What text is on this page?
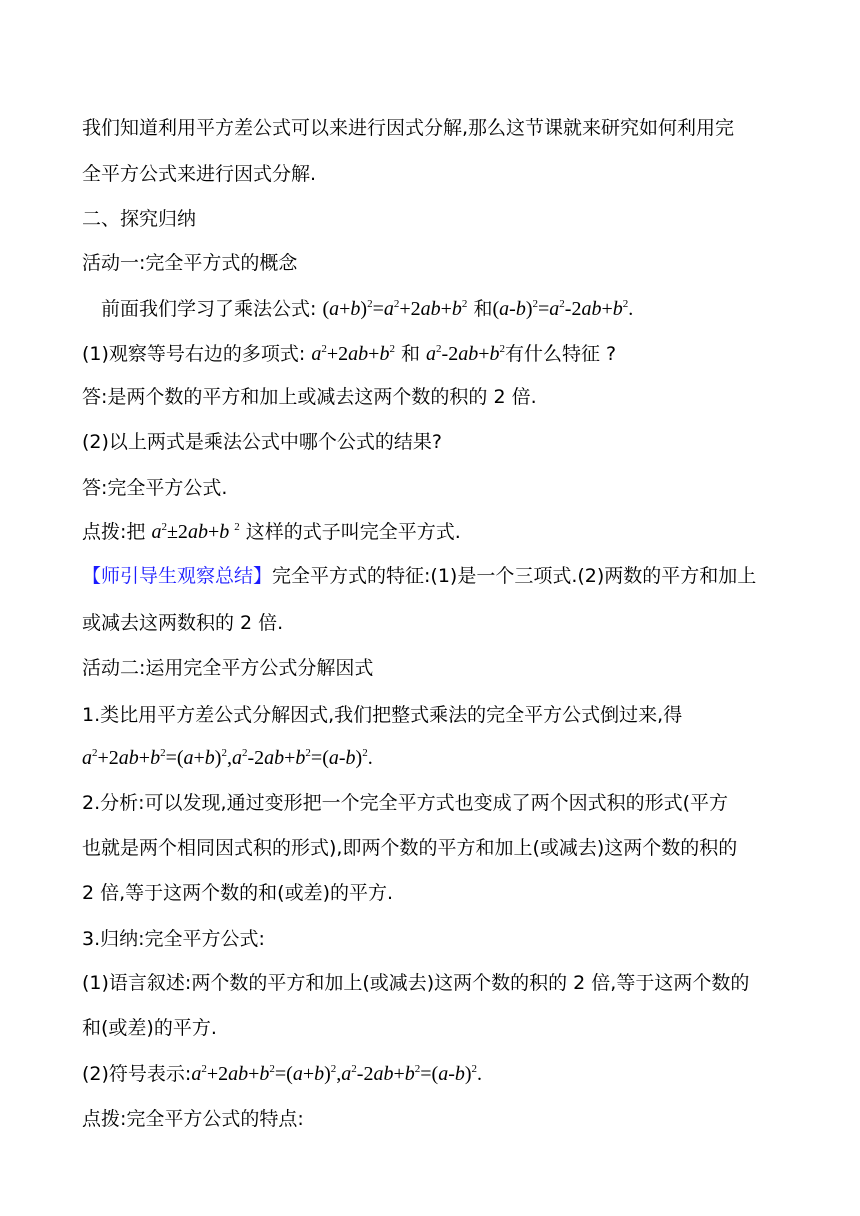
我们知道利用平方差公式可以来进行因式分解,那么这节课就来研究如何利用完
全平方公式来进行因式分解.
二、探究归纳
活动一:完全平方式的概念
前面我们学习了乘法公式: $(a+b)^2=a^2+2ab+b^2$ 和$(a-b)^2=a^2-2ab+b^2$.
(1)观察等号右边的多项式: $a^2+2ab+b^2$ 和 $a^2-2ab+b^2$有什么特征 ?
答:是两个数的平方和加上或减去这两个数的积的 2 倍.
(2)以上两式是乘法公式中哪个公式的结果?
答:完全平方公式.
点拨:把 $a^2\pm 2ab+b$ $^2$ 这样的式子叫完全平方式.
【师引导生观察总结】完全平方式的特征:(1)是一个三项式.(2)两数的平方和加上
或减去这两数积的 2 倍.
活动二:运用完全平方公式分解因式
1.类比用平方差公式分解因式,我们把整式乘法的完全平方公式倒过来,得
$a^2+2ab+b^2=(a+b)^2,a^2-2ab+b^2=(a-b)^2$.
2.分析:可以发现,通过变形把一个完全平方式也变成了两个因式积的形式(平方
也就是两个相同因式积的形式),即两个数的平方和加上(或减去)这两个数的积的
2 倍,等于这两个数的和(或差)的平方.
3.归纳:完全平方公式:
(1)语言叙述:两个数的平方和加上(或减去)这两个数的积的 2 倍,等于这两个数的
和(或差)的平方.
(2)符号表示$:a^2+2ab+b^2=(a+b)^2,a^2-2ab+b^2=(a-b)^2$.
点拨:完全平方公式的特点:
